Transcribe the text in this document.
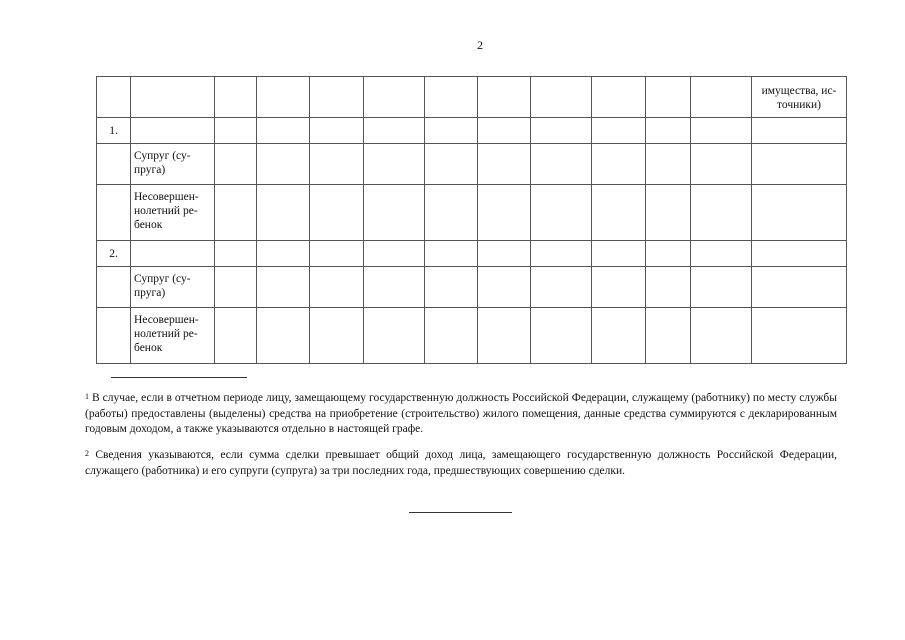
2
												имущества, ис-точники)
1.												
	Супруг (су-пруга)											
	Несовершен-нолетний ре-бенок											
2.												
	Супруг (су-пруга)											
	Несовершен-нолетний ре-бенок											
$^1$ В случае, если в отчетном периоде лицу, замещающему государственную должность Российской Федерации, служащему (работнику) по месту службы (работы) предоставлены (выделены) средства на приобретение (строительство) жилого помещения, данные средства суммируются с декларированным годовым доходом, а также указываются отдельно в настоящей графе.
$^2$ Сведения указываются, если сумма сделки превышает общий доход лица, замещающего государственную должность Российской Федерации, служащего (работника) и его супруги (супруга) за три последних года, предшествующих совершению сделки.
